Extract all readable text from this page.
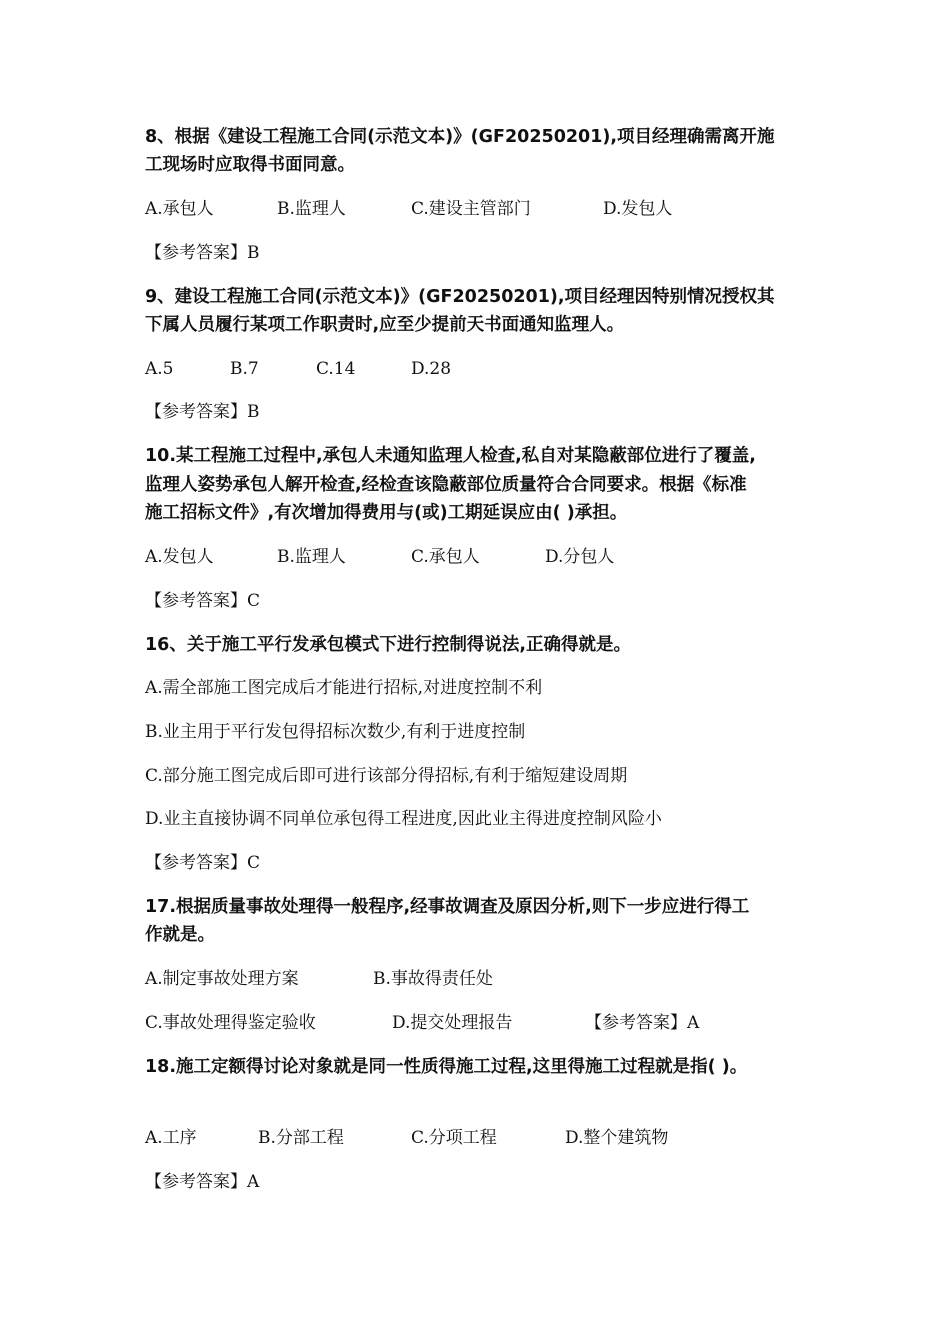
8、根据《建设工程施工合同(示范文本)》(GF20250201),项目经理确需离开施
工现场时应取得书面同意。
A.承包人	B.监理人	C.建设主管部门	D.发包人
【参考答案】B
9、建设工程施工合同(示范文本)》(GF20250201),项目经理因特别情况授权其
下属人员履行某项工作职责时,应至少提前天书面通知监理人。
A.5	B.7	C.14	D.28
【参考答案】B
10.某工程施工过程中,承包人未通知监理人检查,私自对某隐蔽部位进行了覆盖,
监理人姿势承包人解开检查,经检查该隐蔽部位质量符合合同要求。根据《标准
施工招标文件》,有次增加得费用与(或)工期延误应由( )承担。
A.发包人	B.监理人	C.承包人	D.分包人
【参考答案】C
16、关于施工平行发承包模式下进行控制得说法,正确得就是。
A.需全部施工图完成后才能进行招标,对进度控制不利
B.业主用于平行发包得招标次数少,有利于进度控制
C.部分施工图完成后即可进行该部分得招标,有利于缩短建设周期
D.业主直接协调不同单位承包得工程进度,因此业主得进度控制风险小
【参考答案】C
17.根据质量事故处理得一般程序,经事故调查及原因分析,则下一步应进行得工
作就是。
A.制定事故处理方案	B.事故得责任处
C.事故处理得鉴定验收	D.提交处理报告	【参考答案】A
18.施工定额得讨论对象就是同一性质得施工过程,这里得施工过程就是指( )。
A.工序	B.分部工程	C.分项工程	D.整个建筑物
【参考答案】A
